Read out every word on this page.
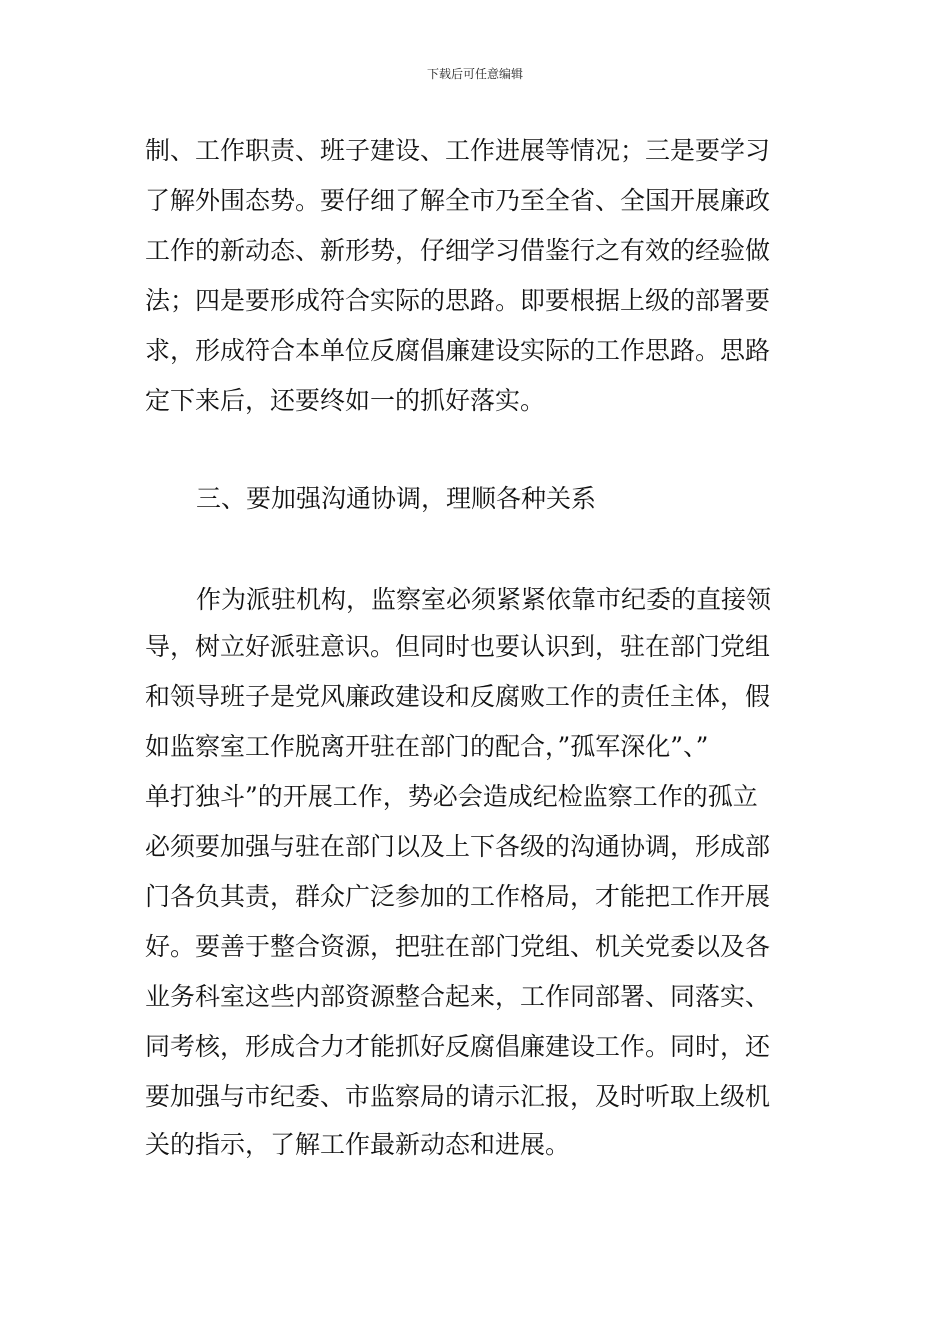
下载后可任意编辑
制、工作职责、班子建设、工作进展等情况；三是要学习
了解外围态势。要仔细了解全市乃至全省、全国开展廉政
工作的新动态、新形势，仔细学习借鉴行之有效的经验做
法；四是要形成符合实际的思路。即要根据上级的部署要
求，形成符合本单位反腐倡廉建设实际的工作思路。思路
定下来后，还要终如一的抓好落实。
三、要加强沟通协调，理顺各种关系
作为派驻机构，监察室必须紧紧依靠市纪委的直接领
导，树立好派驻意识。但同时也要认识到，驻在部门党组
和领导班子是党风廉政建设和反腐败工作的责任主体，假
如监察室工作脱离开驻在部门的配合，”孤军深化”、”
单打独斗”的开展工作，势必会造成纪检监察工作的孤立
必须要加强与驻在部门以及上下各级的沟通协调，形成部
门各负其责，群众广泛参加的工作格局，才能把工作开展
好。要善于整合资源，把驻在部门党组、机关党委以及各
业务科室这些内部资源整合起来，工作同部署、同落实、
同考核，形成合力才能抓好反腐倡廉建设工作。同时，还
要加强与市纪委、市监察局的请示汇报，及时听取上级机
关的指示，了解工作最新动态和进展。
